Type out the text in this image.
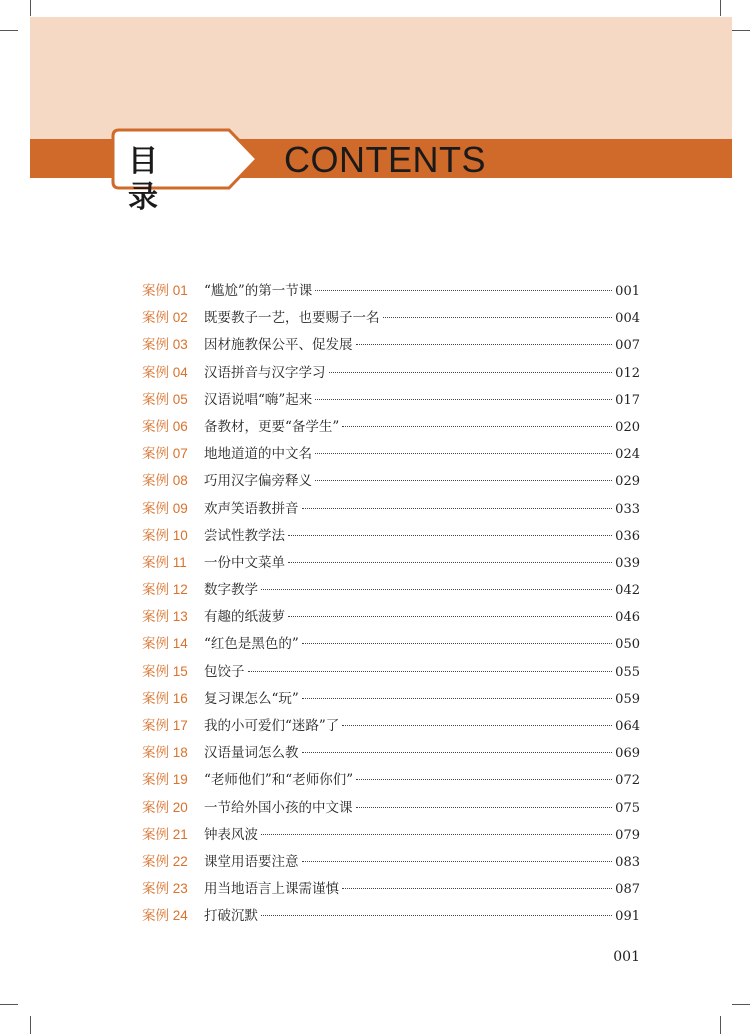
目 录
CONTENTS
案例 01	“尴尬”的第一节课	001
案例 02	既要教子一艺，也要赐子一名	004
案例 03	因材施教保公平、促发展	007
案例 04	汉语拼音与汉字学习	012
案例 05	汉语说唱“嗨”起来	017
案例 06	备教材，更要“备学生”	020
案例 07	地地道道的中文名	024
案例 08	巧用汉字偏旁释义	029
案例 09	欢声笑语教拼音	033
案例 10	尝试性教学法	036
案例 11	一份中文菜单	039
案例 12	数字教学	042
案例 13	有趣的纸菠萝	046
案例 14	“红色是黑色的”	050
案例 15	包饺子	055
案例 16	复习课怎么“玩”	059
案例 17	我的小可爱们“迷路”了	064
案例 18	汉语量词怎么教	069
案例 19	“老师他们”和“老师你们”	072
案例 20	一节给外国小孩的中文课	075
案例 21	钟表风波	079
案例 22	课堂用语要注意	083
案例 23	用当地语言上课需谨慎	087
案例 24	打破沉默	091
001
